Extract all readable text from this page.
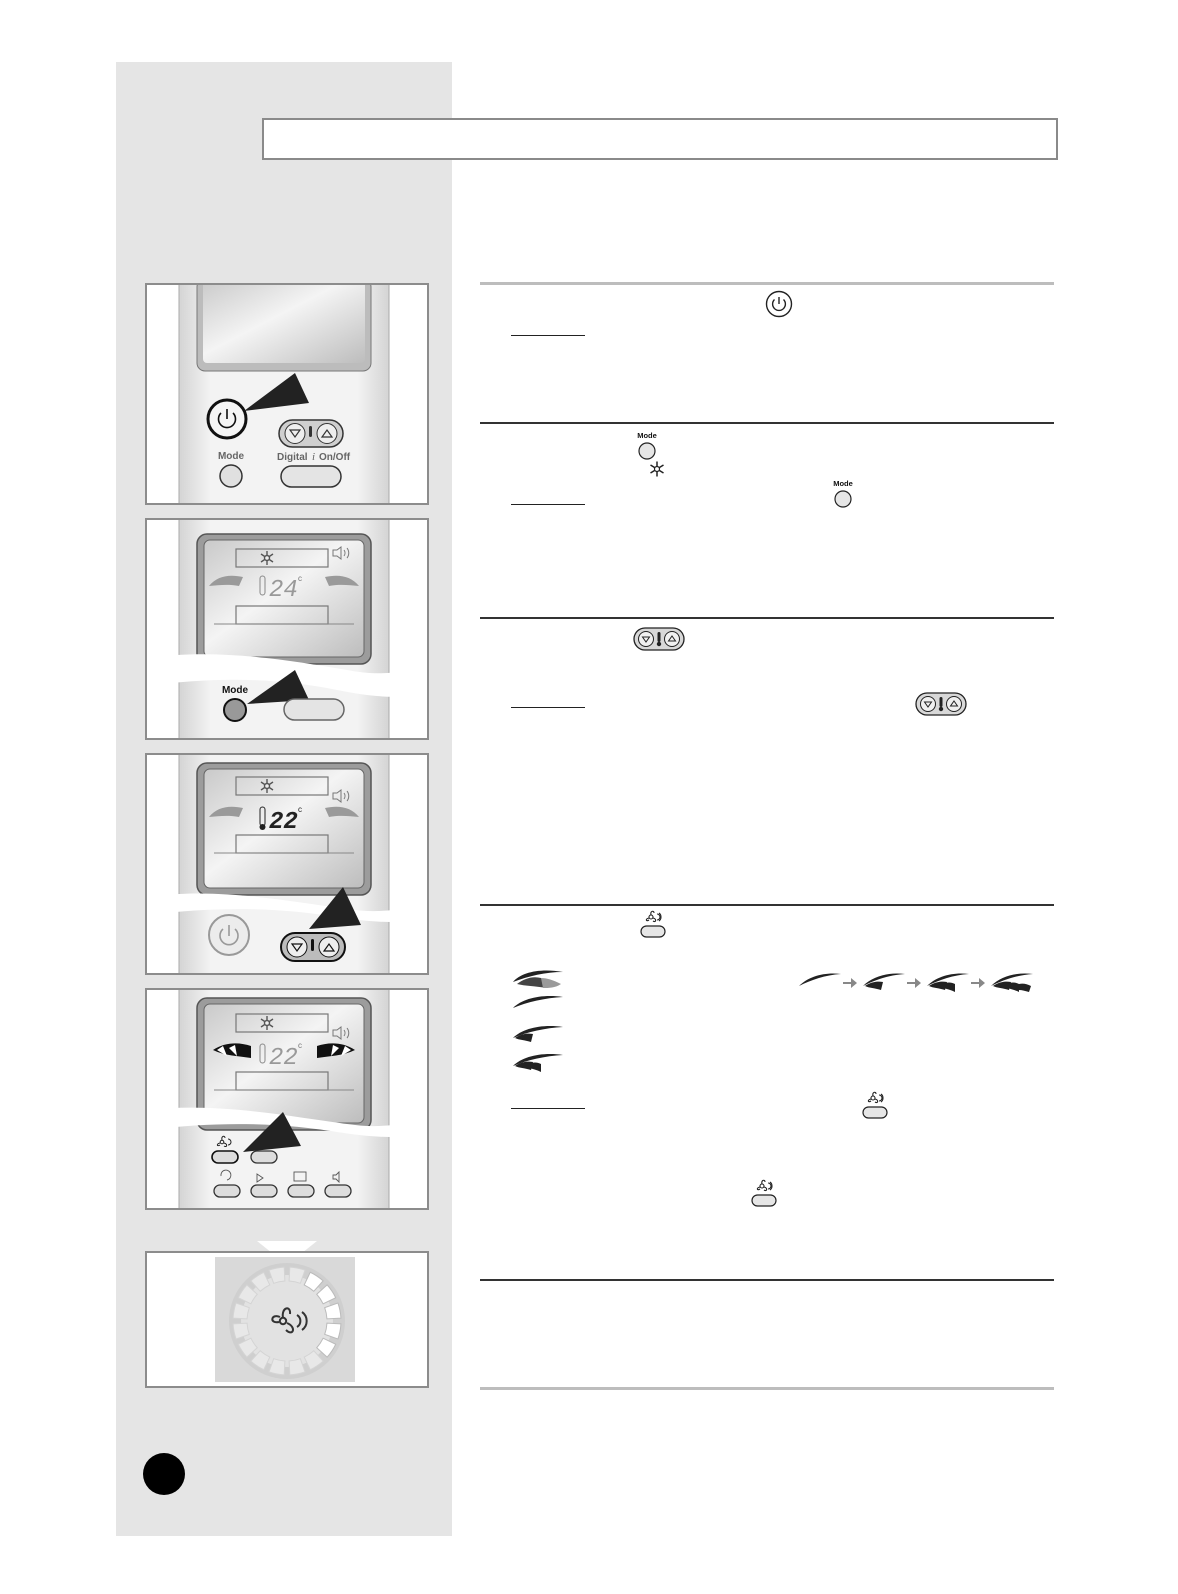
Mode
Mode
Mode	Digital i On/Off
24 c
Mode
22 c
22 c
